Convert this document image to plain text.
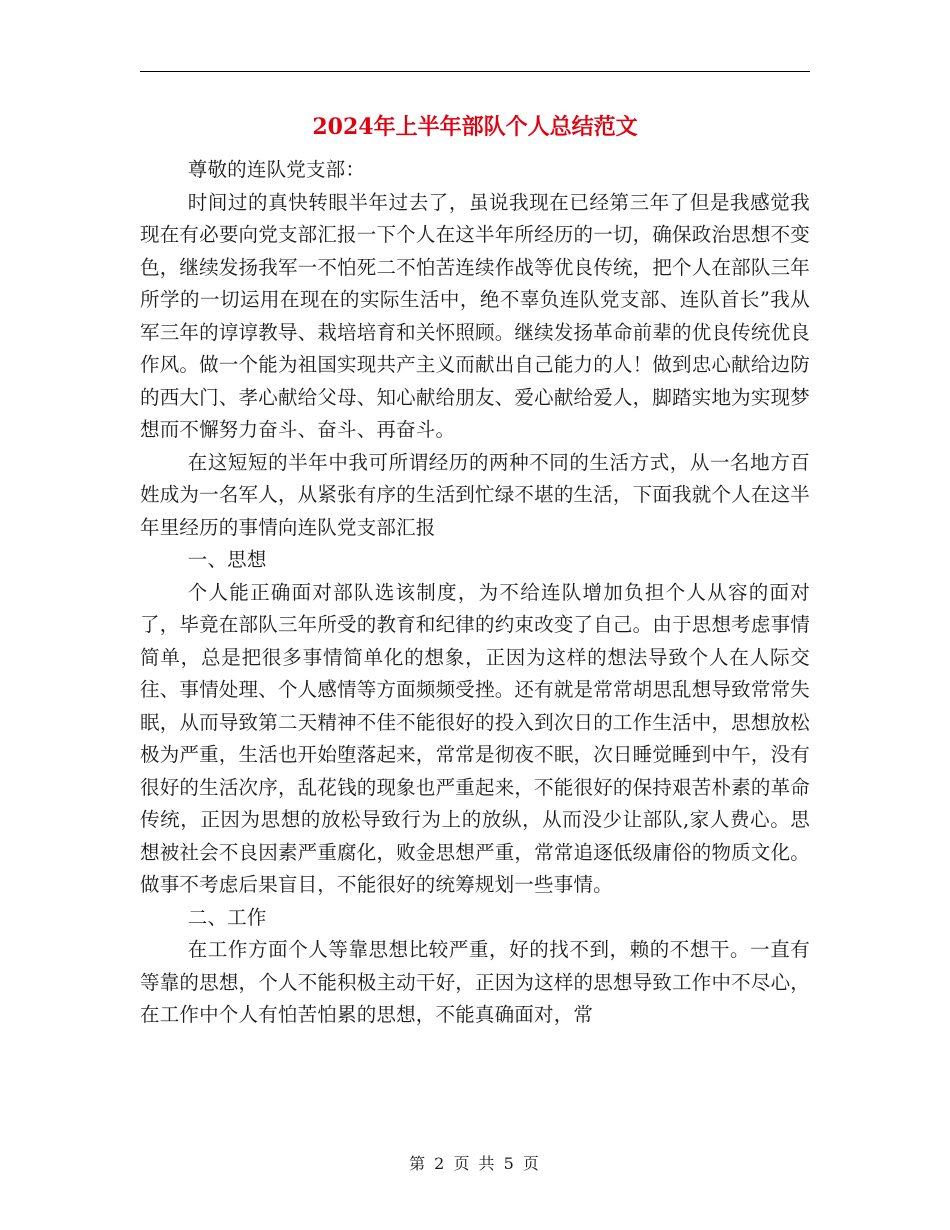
2024年上半年部队个人总结范文

尊敬的连队党支部：

时间过的真快转眼半年过去了，虽说我现在已经第三年了但是我感觉我现在有必要向党支部汇报一下个人在这半年所经历的一切，确保政治思想不变色，继续发扬我军一不怕死二不怕苦连续作战等优良传统，把个人在部队三年所学的一切运用在现在的实际生活中，绝不辜负连队党支部、连队首长”我从军三年的谆谆教导、栽培培育和关怀照顾。继续发扬革命前辈的优良传统优良作风。做一个能为祖国实现共产主义而献出自己能力的人！做到忠心献给边防的西大门、孝心献给父母、知心献给朋友、爱心献给爱人，脚踏实地为实现梦想而不懈努力奋斗、奋斗、再奋斗。

在这短短的半年中我可所谓经历的两种不同的生活方式，从一名地方百姓成为一名军人，从紧张有序的生活到忙绿不堪的生活，下面我就个人在这半年里经历的事情向连队党支部汇报

一、思想

个人能正确面对部队选该制度，为不给连队增加负担个人从容的面对了，毕竟在部队三年所受的教育和纪律的约束改变了自己。由于思想考虑事情简单，总是把很多事情简单化的想象，正因为这样的想法导致个人在人际交往、事情处理、个人感情等方面频频受挫。还有就是常常胡思乱想导致常常失眠，从而导致第二天精神不佳不能很好的投入到次日的工作生活中，思想放松极为严重，生活也开始堕落起来，常常是彻夜不眠，次日睡觉睡到中午，没有很好的生活次序，乱花钱的现象也严重起来，不能很好的保持艰苦朴素的革命传统，正因为思想的放松导致行为上的放纵，从而没少让部队,家人费心。思想被社会不良因素严重腐化，败金思想严重，常常追逐低级庸俗的物质文化。做事不考虑后果盲目，不能很好的统筹规划一些事情。

二、工作

在工作方面个人等靠思想比较严重，好的找不到，赖的不想干。一直有等靠的思想，个人不能积极主动干好，正因为这样的思想导致工作中不尽心，在工作中个人有怕苦怕累的思想，不能真确面对，常

第 2 页 共 5 页
